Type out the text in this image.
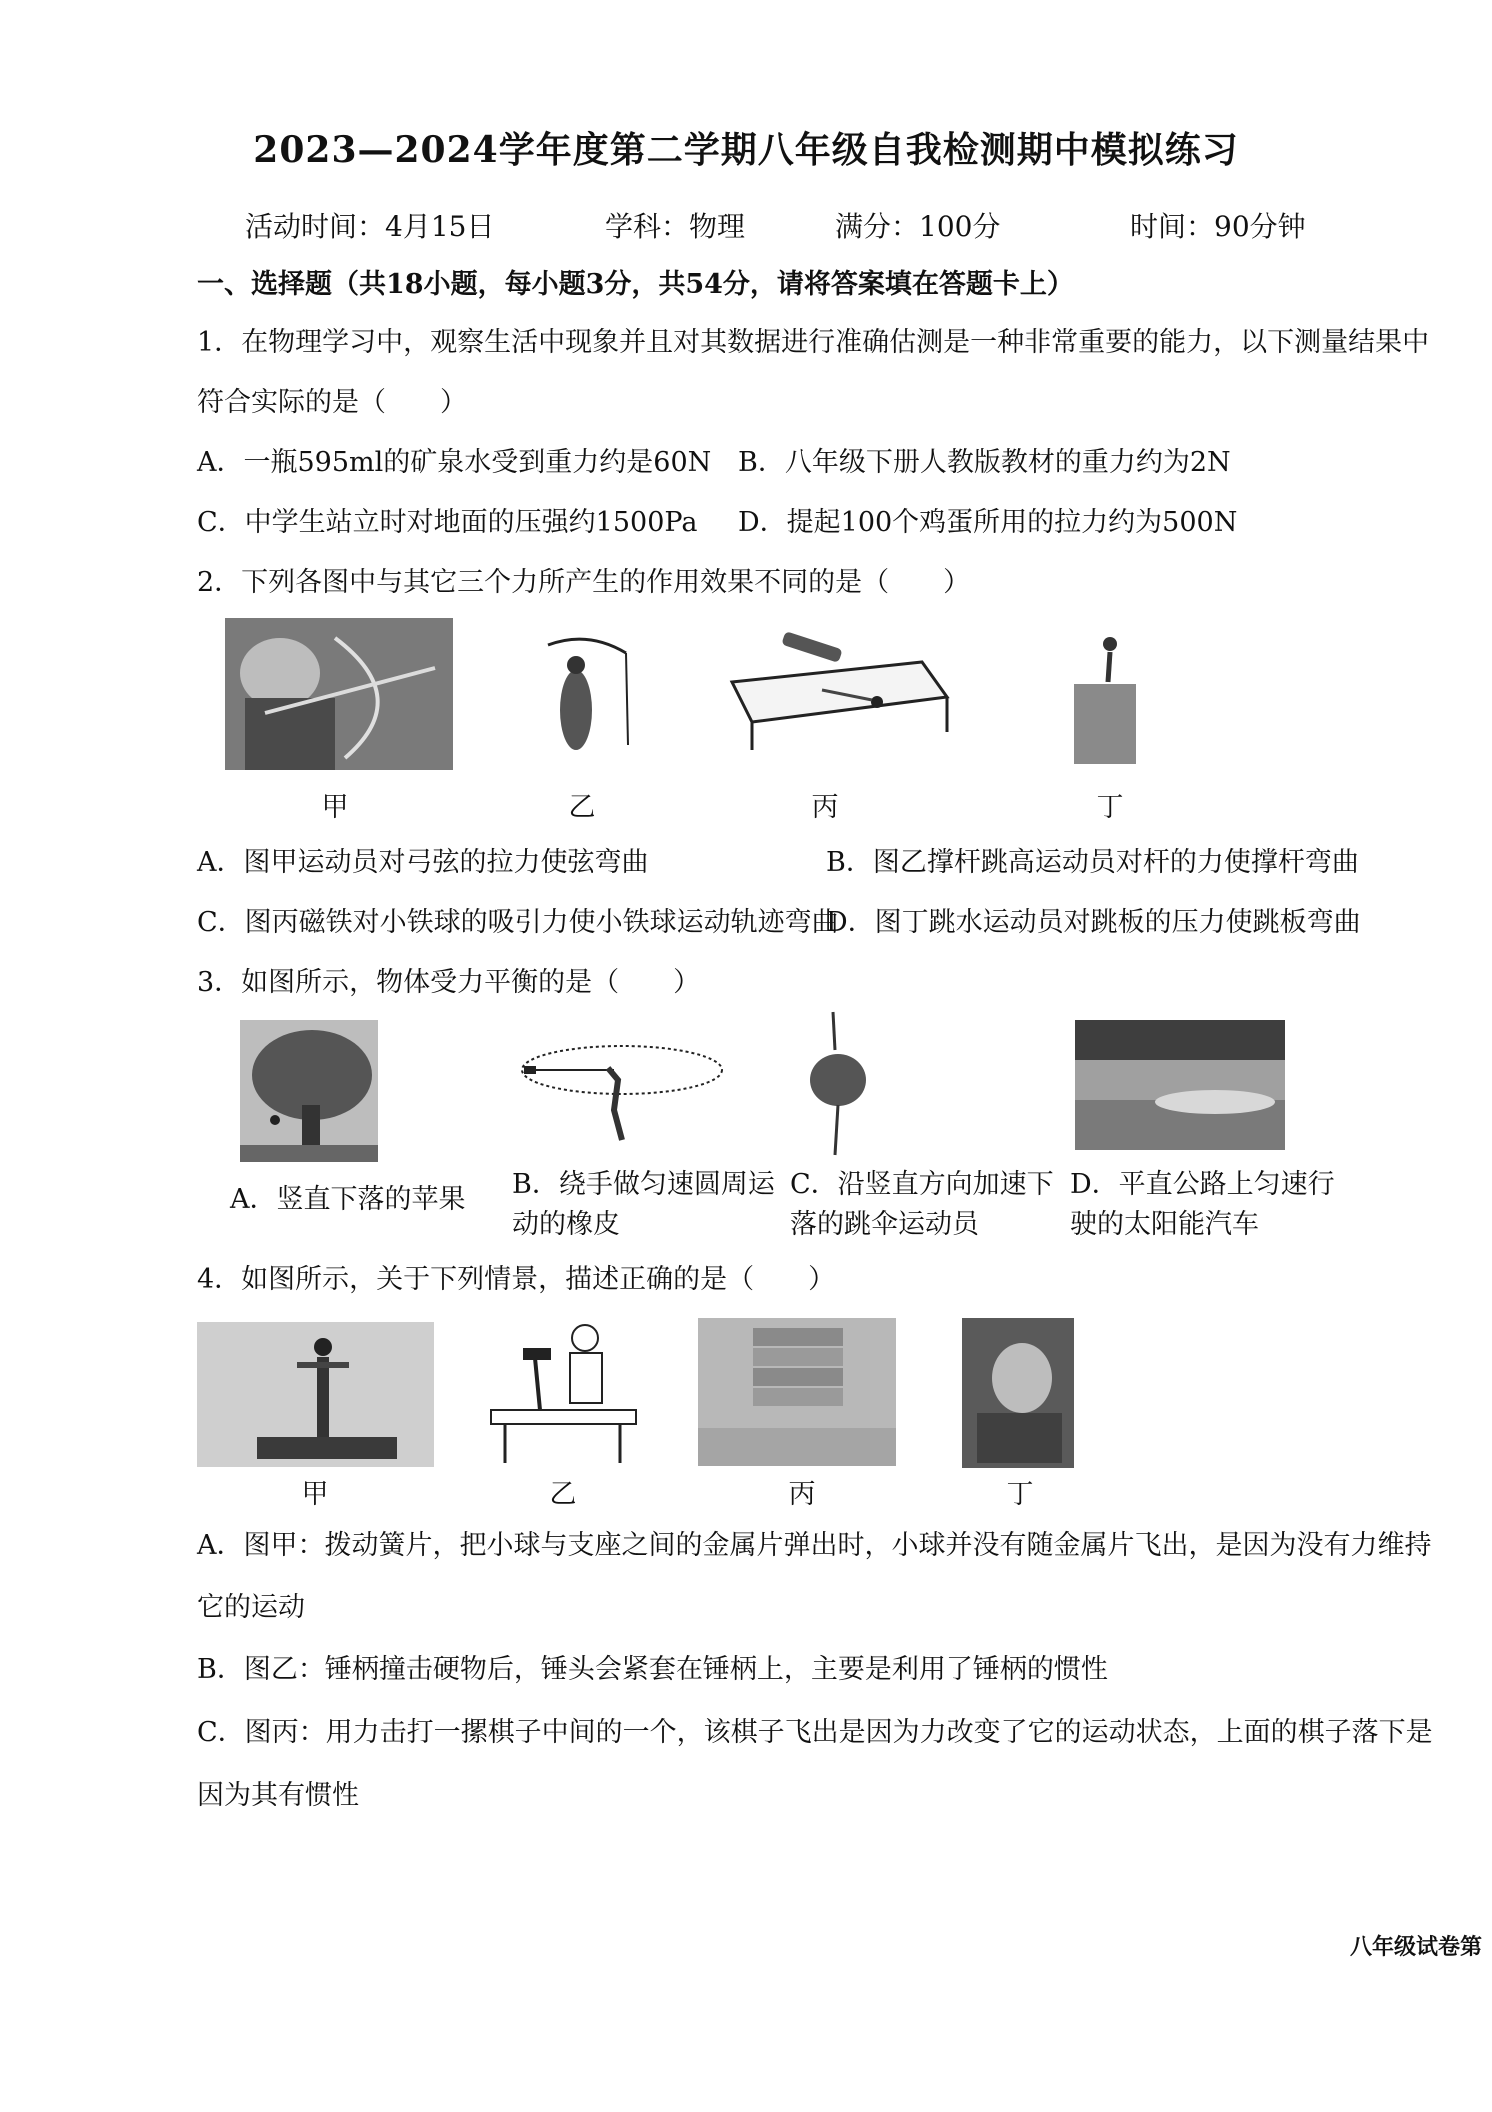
2023—2024学年度第二学期八年级自我检测期中模拟练习
活动时间：4月15日	学科：物理	满分：100分	时间：90分钟
一、选择题（共18小题，每小题3分，共54分，请将答案填在答题卡上）
1．在物理学习中，观察生活中现象并且对其数据进行准确估测是一种非常重要的能力，以下测量结果中
符合实际的是（　　）
A．一瓶595ml的矿泉水受到重力约是60N B．八年级下册人教版教材的重力约为2N
C．中学生站立时对地面的压强约1500Pa D．提起100个鸡蛋所用的拉力约为500N
2．下列各图中与其它三个力所产生的作用效果不同的是（　　）
甲	乙	丙	丁
A．图甲运动员对弓弦的拉力使弦弯曲	B．图乙撑杆跳高运动员对杆的力使撑杆弯曲
C．图丙磁铁对小铁球的吸引力使小铁球运动轨迹弯曲
D．图丁跳水运动员对跳板的压力使跳板弯曲
3．如图所示，物体受力平衡的是（　　）
A．竖直下落的苹果 B．绕手做匀速圆周运动的橡皮
C．沿竖直方向加速下落的跳伞运动员
D．平直公路上匀速行驶的太阳能汽车
4．如图所示，关于下列情景，描述正确的是（　　）
甲	乙	丙	丁
A．图甲：拨动簧片，把小球与支座之间的金属片弹出时，小球并没有随金属片飞出，是因为没有力维持
它的运动
B．图乙：锤柄撞击硬物后，锤头会紧套在锤柄上，主要是利用了锤柄的惯性
C．图丙：用力击打一摞棋子中间的一个，该棋子飞出是因为力改变了它的运动状态，上面的棋子落下是
因为其有惯性
八年级试卷第
